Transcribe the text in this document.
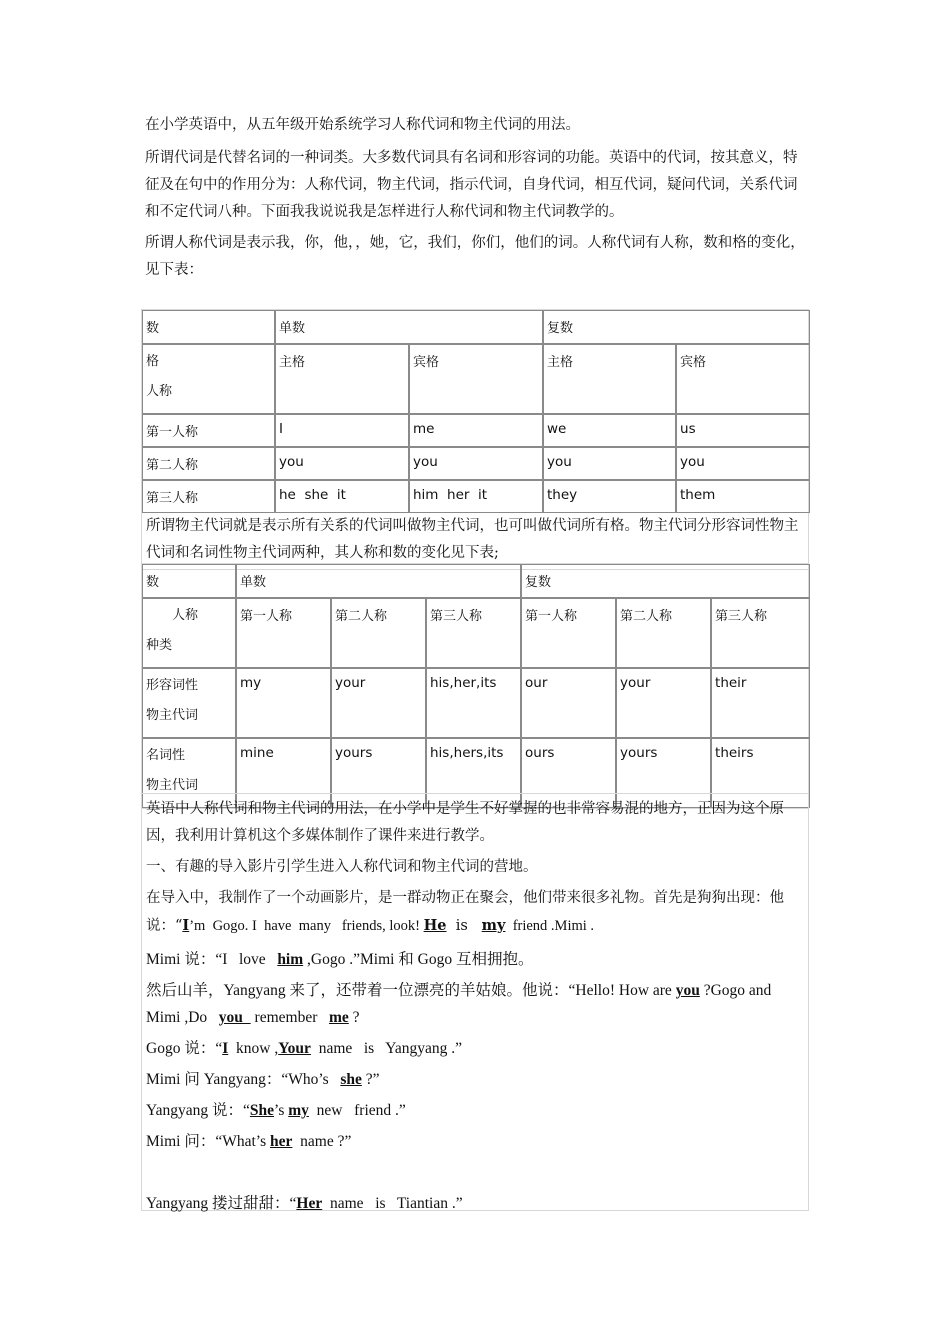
在小学英语中，从五年级开始系统学习人称代词和物主代词的用法。

所谓代词是代替名词的一种词类。大多数代词具有名词和形容词的功能。英语中的代词，按其意义，特征及在句中的作用分为：人称代词，物主代词，指示代词，自身代词，相互代词，疑问代词，关系代词和不定代词八种。下面我我说说我是怎样进行人称代词和物主代词教学的。

所谓人称代词是表示我，你，他，，她，它，我们，你们，他们的词。人称代词有人称，数和格的变化，见下表：

数	单数		复数	
格
人称	主格	宾格	主格	宾格
第一人称	I	me	we	us
第二人称	you	you	you	you
第三人称	he  she  it	him  her  it	they	them

所谓物主代词就是表示所有关系的代词叫做物主代词，也可叫做代词所有格。物主代词分形容词性物主代词和名词性物主代词两种，其人称和数的变化见下表;

数	单数			复数		
人称
种类	第一人称	第二人称	第三人称	第一人称	第二人称	第三人称
形容词性
物主代词	my	your	his,her,its	our	your	their
名词性
物主代词	mine	yours	his,hers,its	ours	yours	theirs

英语中人称代词和物主代词的用法，在小学中是学生不好掌握的也非常容易混的地方，正因为这个原因，我利用计算机这个多媒体制作了课件来进行教学。

一、有趣的导入影片引学生进入人称代词和物主代词的营地。

在导入中，我制作了一个动画影片，是一群动物正在聚会，他们带来很多礼物。首先是狗狗出现：他说：“I’m  Gogo. I  have  many   friends, look! He  is   my  friend .Mimi .

Mimi 说：“I   love   him ,Gogo .”Mimi 和 Gogo 互相拥抱。
然后山羊，Yangyang 来了，还带着一位漂亮的羊姑娘。他说：“Hello! How are you ?Gogo and Mimi ,Do   you   remember   me ?
Gogo 说：“I  know ,Your  name   is   Yangyang .”
Mimi 问 Yangyang：“Who’s   she ?”
Yangyang 说：“She’s my  new   friend .”
Mimi 问：“What’s her  name ?”
Yangyang 搂过甜甜：“Her  name   is   Tiantian .”
